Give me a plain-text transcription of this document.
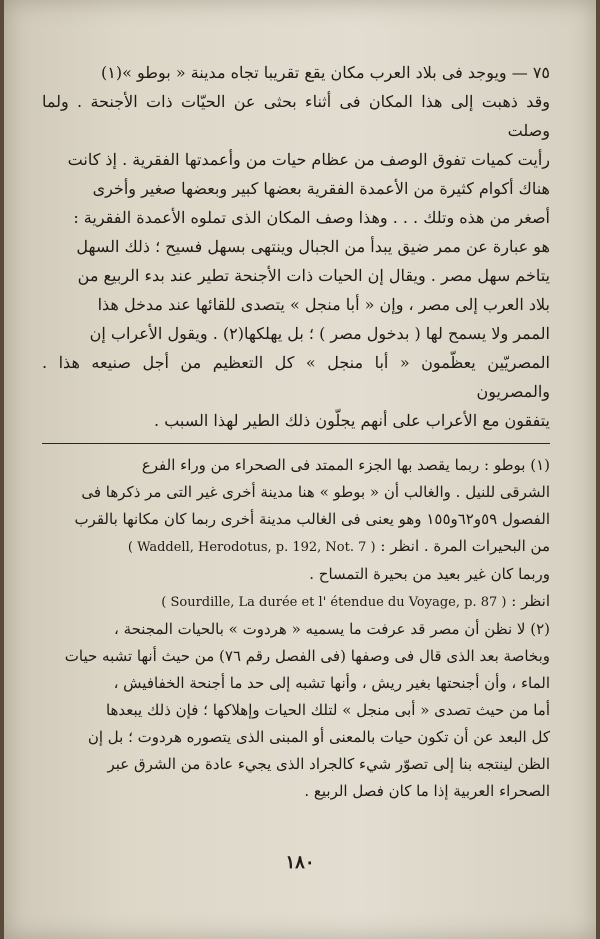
٧٥ — ويوجد فى بلاد العرب مكان يقع تقريبا تجاه مدينة « بوطو »(١)

وقد ذهبت إلى هذا المكان فى أثناء بحثى عن الحيّات ذات الأجنحة . ولما وصلت

رأيت كميات تفوق الوصف من عظام حيات من وأعمدتها الفقرية . إذ كانت

هناك أكوام كثيرة من الأعمدة الفقرية بعضها كبير وبعضها صغير وأخرى

أصغر من هذه وتلك . . . وهذا وصف المكان الذى تملوه الأعمدة الفقرية :

هو عبارة عن ممر ضيق يبدأ من الجبال وينتهى بسهل فسيح ؛ ذلك السهل

يتاخم سهل مصر . ويقال إن الحيات ذات الأجنحة تطير عند بدء الربيع من

بلاد العرب إلى مصر ، وإن « أبا منجل » يتصدى للقائها عند مدخل هذا

الممر ولا يسمح لها ( بدخول مصر ) ؛ بل يهلكها(٢) . ويقول الأعراب إن

المصريّين يعظّمون « أبا منجل » كل التعظيم من أجل صنيعه هذا . والمصريون

يتفقون مع الأعراب على أنهم يجلّون ذلك الطير لهذا السبب .

(١) بوطو : ربما يقصد بها الجزء الممتد فى الصحراء من وراء الفرع

الشرقى للنيل . والغالب أن « بوطو » هنا مدينة أخرى غير التى مر ذكرها فى

الفصول ٥٩و٦٢و١٥٥ وهو يعنى فى الغالب مدينة أخرى ربما كان مكانها بالقرب

من البحيرات المرة . انظر : ( Waddell, Herodotus, p. 192, Not. 7 )

وربما كان غير بعيد من بحيرة التمساح .

انظر : ( Sourdille, La durée et l' étendue du Voyage, p. 87 )

(٢) لا نظن أن مصر قد عرفت ما يسميه « هردوت » بالحيات المجنحة ،

وبخاصة بعد الذى قال فى وصفها (فى الفصل رقم ٧٦) من حيث أنها تشبه حيات

الماء ، وأن أجنحتها بغير ريش ، وأنها تشبه إلى حد ما أجنحة الخفافيش ،

أما من حيث تصدى « أبى منجل » لتلك الحيات وإهلاكها ؛ فإن ذلك يبعدها

كل البعد عن أن تكون حيات بالمعنى أو المبنى الذى يتصوره هردوت ؛ بل إن

الظن لينتجه بنا إلى تصوّر شيء كالجراد الذى يجيء عادة من الشرق عبر

الصحراء العربية إذا ما كان فصل الربيع .

١٨٠
